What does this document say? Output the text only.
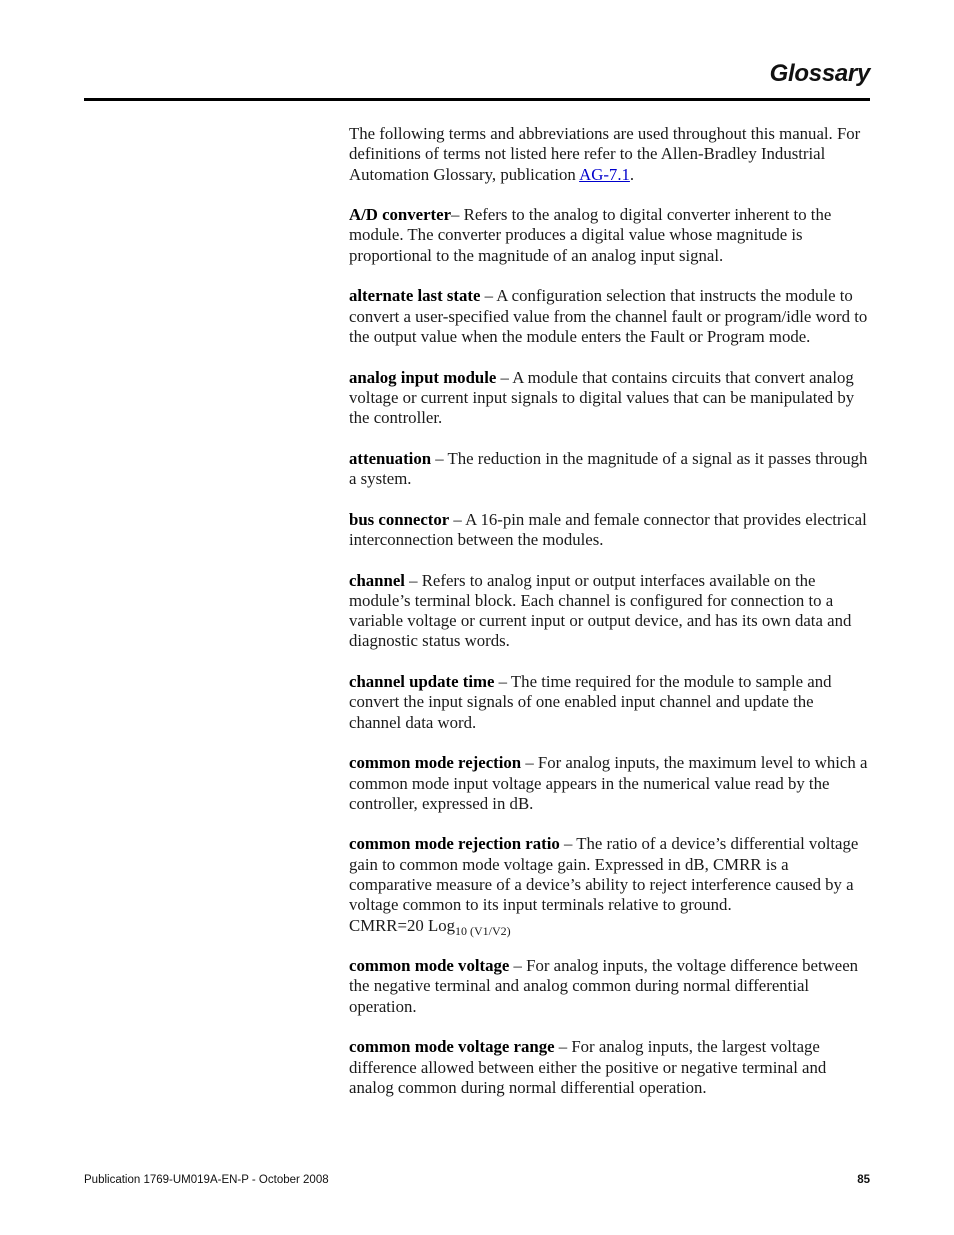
Glossary

The following terms and abbreviations are used throughout this manual. For definitions of terms not listed here refer to the Allen-Bradley Industrial Automation Glossary, publication AG-7.1.

A/D converter– Refers to the analog to digital converter inherent to the module. The converter produces a digital value whose magnitude is proportional to the magnitude of an analog input signal.

alternate last state – A configuration selection that instructs the module to convert a user-specified value from the channel fault or program/idle word to the output value when the module enters the Fault or Program mode.

analog input module – A module that contains circuits that convert analog voltage or current input signals to digital values that can be manipulated by the controller.

attenuation – The reduction in the magnitude of a signal as it passes through a system.

bus connector – A 16-pin male and female connector that provides electrical interconnection between the modules.

channel – Refers to analog input or output interfaces available on the module’s terminal block. Each channel is configured for connection to a variable voltage or current input or output device, and has its own data and diagnostic status words.

channel update time – The time required for the module to sample and convert the input signals of one enabled input channel and update the channel data word.

common mode rejection – For analog inputs, the maximum level to which a common mode input voltage appears in the numerical value read by the controller, expressed in dB.

common mode rejection ratio – The ratio of a device’s differential voltage gain to common mode voltage gain. Expressed in dB, CMRR is a comparative measure of a device’s ability to reject interference caused by a voltage common to its input terminals relative to ground.
CMRR=20 Log$_{10 (V1/V2)}$

common mode voltage – For analog inputs, the voltage difference between the negative terminal and analog common during normal differential operation.

common mode voltage range – For analog inputs, the largest voltage difference allowed between either the positive or negative terminal and analog common during normal differential operation.

Publication 1769-UM019A-EN-P - October 2008	85
